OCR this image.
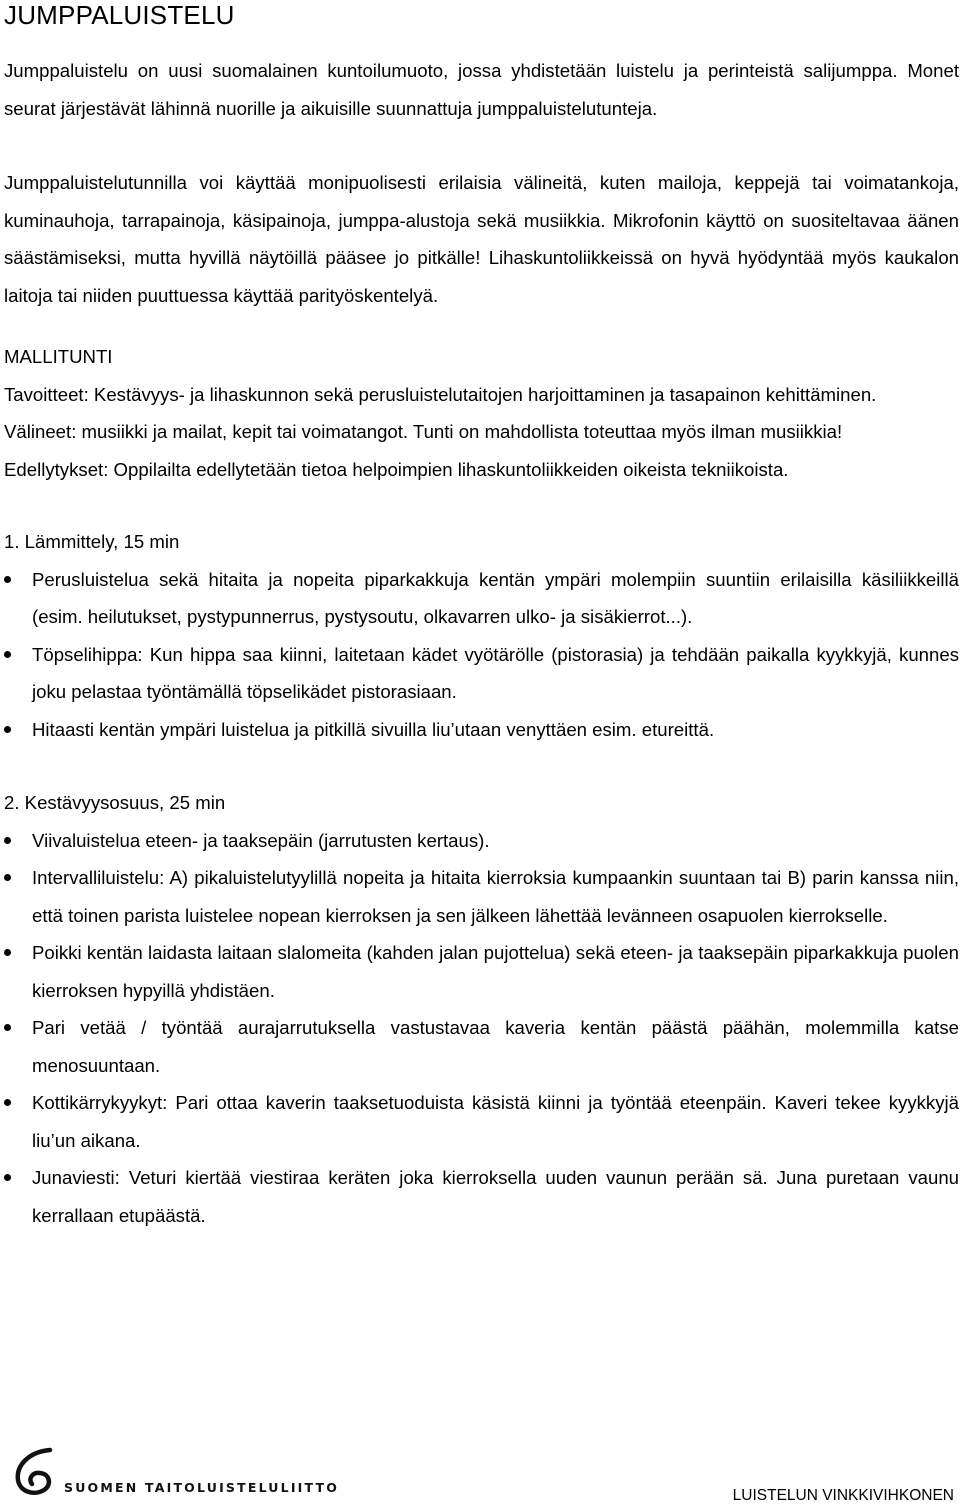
JUMPPALUISTELU

Jumppaluistelu on uusi suomalainen kuntoilumuoto, jossa yhdistetään luistelu ja perinteistä salijumppa. Monet seurat järjestävät lähinnä nuorille ja aikuisille suunnattuja jumppaluistelutunteja.

Jumppaluistelutunnilla voi käyttää monipuolisesti erilaisia välineitä, kuten mailoja, keppejä tai voimatankoja, kuminauhoja, tarrapainoja, käsipainoja, jumppa-alustoja sekä musiikkia. Mikrofonin käyttö on suositeltavaa äänen säästämiseksi, mutta hyvillä näytöillä pääsee jo pitkälle! Lihaskuntoliikkeissä on hyvä hyödyntää myös kaukalon laitoja tai niiden puuttuessa käyttää parityöskentelyä.

MALLITUNTI

Tavoitteet: Kestävyys- ja lihaskunnon sekä perusluistelutaitojen harjoittaminen ja tasapainon kehittäminen.

Välineet: musiikki ja mailat, kepit tai voimatangot. Tunti on mahdollista toteuttaa myös ilman musiikkia!

Edellytykset: Oppilailta edellytetään tietoa helpoimpien lihaskuntoliikkeiden oikeista tekniikoista.

1. Lämmittely, 15 min

Perusluistelua sekä hitaita ja nopeita piparkakkuja kentän ympäri molempiin suuntiin erilaisilla käsiliikkeillä (esim. heilutukset, pystypunnerrus, pystysoutu, olkavarren ulko- ja sisäkierrot...).
Töpselihippa: Kun hippa saa kiinni, laitetaan kädet vyötärölle (pistorasia) ja tehdään paikalla kyykkyjä, kunnes joku pelastaa työntämällä töpselikädet pistorasiaan.
Hitaasti kentän ympäri luistelua ja pitkillä sivuilla liu’utaan venyttäen esim. etureittä.

2. Kestävyysosuus, 25 min

Viivaluistelua eteen- ja taaksepäin (jarrutusten kertaus).
Intervalliluistelu: A) pikaluistelutyylillä nopeita ja hitaita kierroksia kumpaankin suuntaan tai B) parin kanssa niin, että toinen parista luistelee nopean kierroksen ja sen jälkeen lähettää levänneen osapuolen kierrokselle.
Poikki kentän laidasta laitaan slalomeita (kahden jalan pujottelua) sekä eteen- ja taaksepäin piparkakkuja puolen kierroksen hypyillä yhdistäen.
Pari vetää / työntää aurajarrutuksella vastustavaa kaveria kentän päästä päähän, molemmilla katse menosuuntaan.
Kottikärrykyykyt: Pari ottaa kaverin taaksetuoduista käsistä kiinni ja työntää eteenpäin. Kaveri tekee kyykkyjä liu’un aikana.
Junaviesti: Veturi kiertää viestiraa keräten joka kierroksella uuden vaunun perään sä. Juna puretaan vaunu kerrallaan etupäästä.
SUOMEN TAITOLUISTELULIITTO	LUISTELUN VINKKIVIHKONEN
